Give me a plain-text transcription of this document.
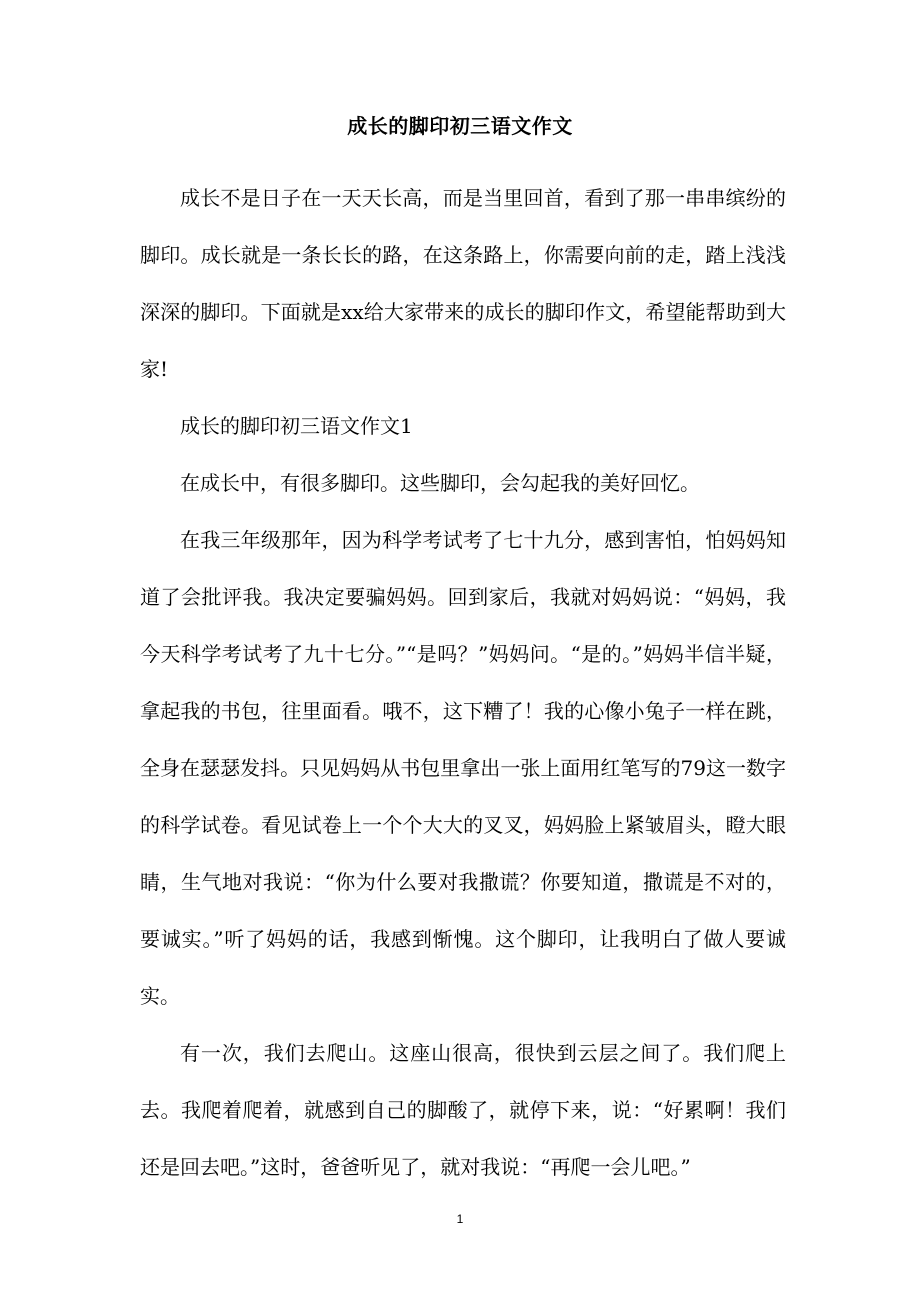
成长的脚印初三语文作文

成长不是日子在一天天长高，而是当里回首，看到了那一串串缤纷的脚印。成长就是一条长长的路，在这条路上，你需要向前的走，踏上浅浅深深的脚印。下面就是xx给大家带来的成长的脚印作文，希望能帮助到大家!

成长的脚印初三语文作文1

在成长中，有很多脚印。这些脚印，会勾起我的美好回忆。

在我三年级那年，因为科学考试考了七十九分，感到害怕，怕妈妈知道了会批评我。我决定要骗妈妈。回到家后，我就对妈妈说：“妈妈，我今天科学考试考了九十七分。”“是吗？”妈妈问。“是的。”妈妈半信半疑，拿起我的书包，往里面看。哦不，这下糟了！我的心像小兔子一样在跳，全身在瑟瑟发抖。只见妈妈从书包里拿出一张上面用红笔写的79这一数字的科学试卷。看见试卷上一个个大大的叉叉，妈妈脸上紧皱眉头，瞪大眼睛，生气地对我说：“你为什么要对我撒谎？你要知道，撒谎是不对的，要诚实。”听了妈妈的话，我感到惭愧。这个脚印，让我明白了做人要诚实。

有一次，我们去爬山。这座山很高，很快到云层之间了。我们爬上去。我爬着爬着，就感到自己的脚酸了，就停下来，说：“好累啊！我们还是回去吧。”这时，爸爸听见了，就对我说：“再爬一会儿吧。”

1
